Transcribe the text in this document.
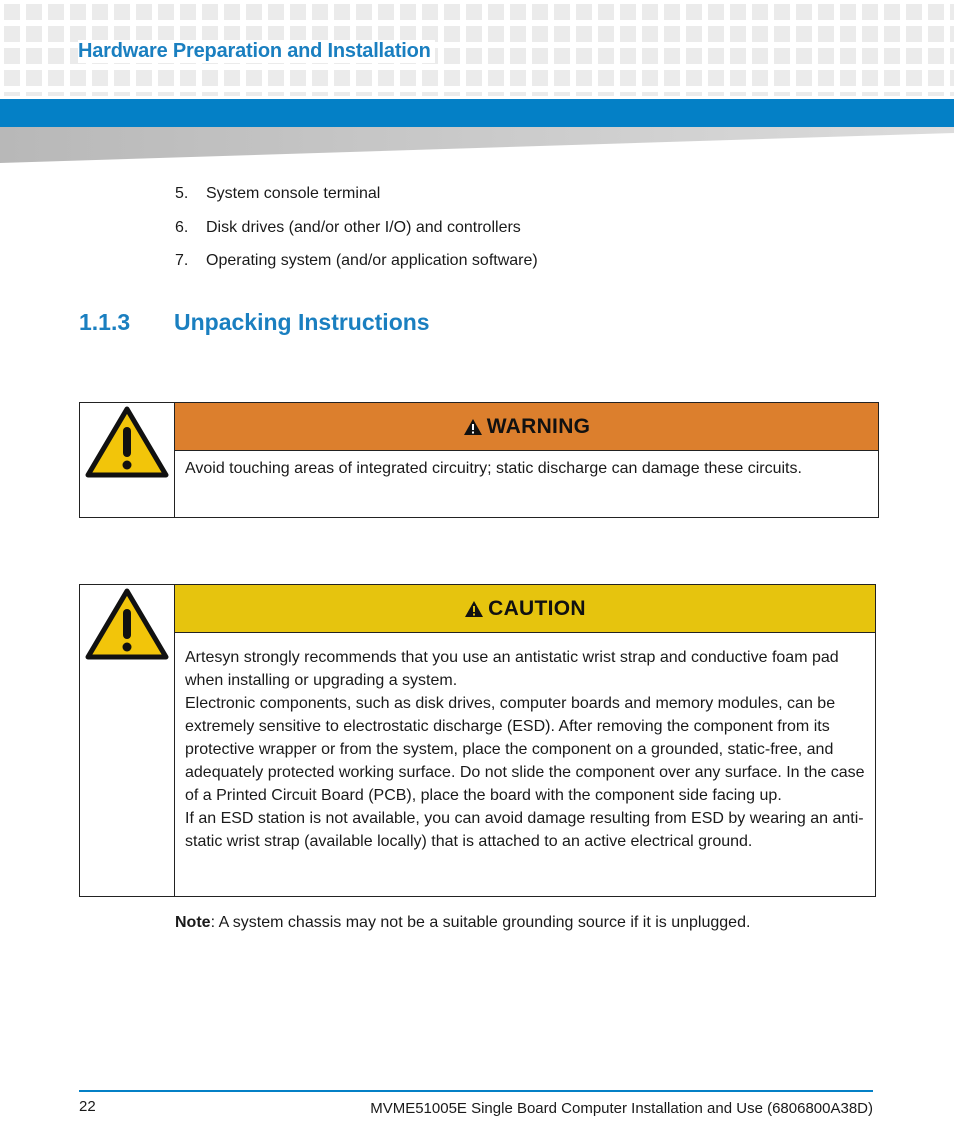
Hardware Preparation and Installation
5.	System console terminal
6.	Disk drives (and/or other I/O) and controllers
7.	Operating system (and/or application software)
1.1.3	Unpacking Instructions
WARNING
Avoid touching areas of integrated circuitry; static discharge can damage these circuits.
CAUTION
Artesyn strongly recommends that you use an antistatic wrist strap and conductive foam pad when installing or upgrading a system.
Electronic components, such as disk drives, computer boards and memory modules, can be extremely sensitive to electrostatic discharge (ESD). After removing the component from its protective wrapper or from the system, place the component on a grounded, static-free, and adequately protected working surface. Do not slide the component over any surface. In the case of a Printed Circuit Board (PCB), place the board with the component side facing up.
If an ESD station is not available, you can avoid damage resulting from ESD by wearing an anti-static wrist strap (available locally) that is attached to an active electrical ground.
Note: A system chassis may not be a suitable grounding source if it is unplugged.
22	MVME51005E Single Board Computer Installation and Use (6806800A38D)
